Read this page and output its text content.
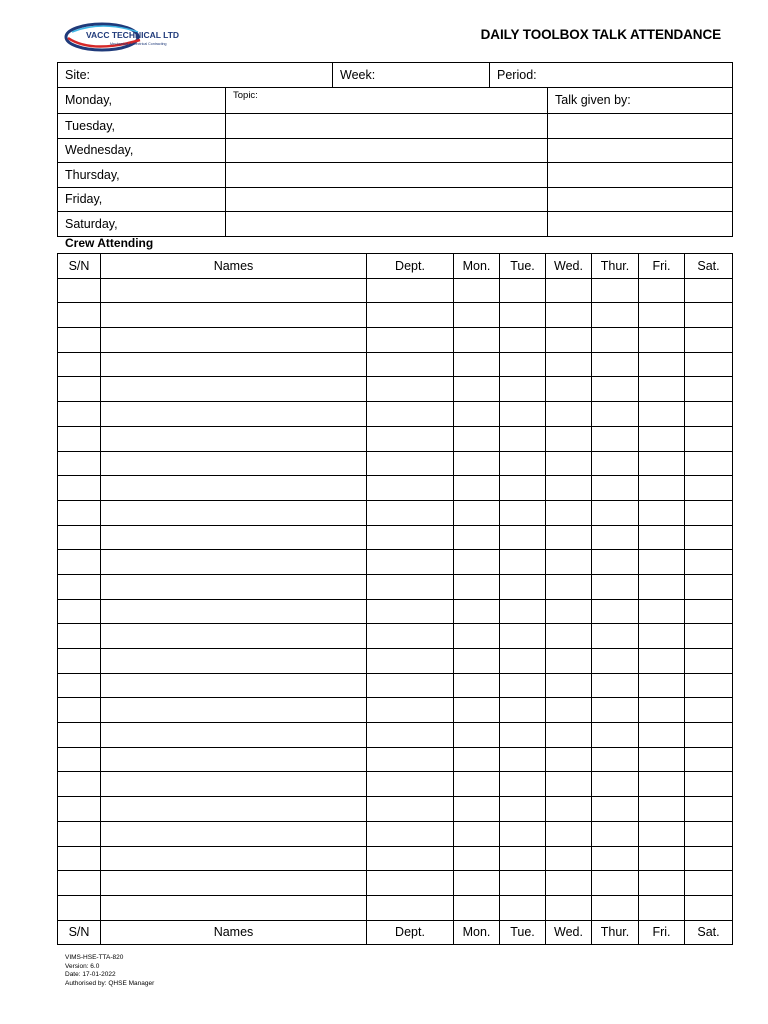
VACC TECHNICAL LTD
Mechanical & Electrical Contracting
DAILY TOOLBOX TALK ATTENDANCE
Site:		Week:	Period:	
Monday,	Topic:			Talk given by:
Tuesday,				
Wednesday,				
Thursday,				
Friday,				
Saturday,				
Crew Attending
S/N	Names	Dept.	Mon.	Tue.	Wed.	Thur.	Fri.	Sat.

S/N	Names	Dept.	Mon.	Tue.	Wed.	Thur.	Fri.	Sat.
VIMS-HSE-TTA-820
Version: 6.0
Date: 17-01-2022
Authorised by: QHSE Manager
